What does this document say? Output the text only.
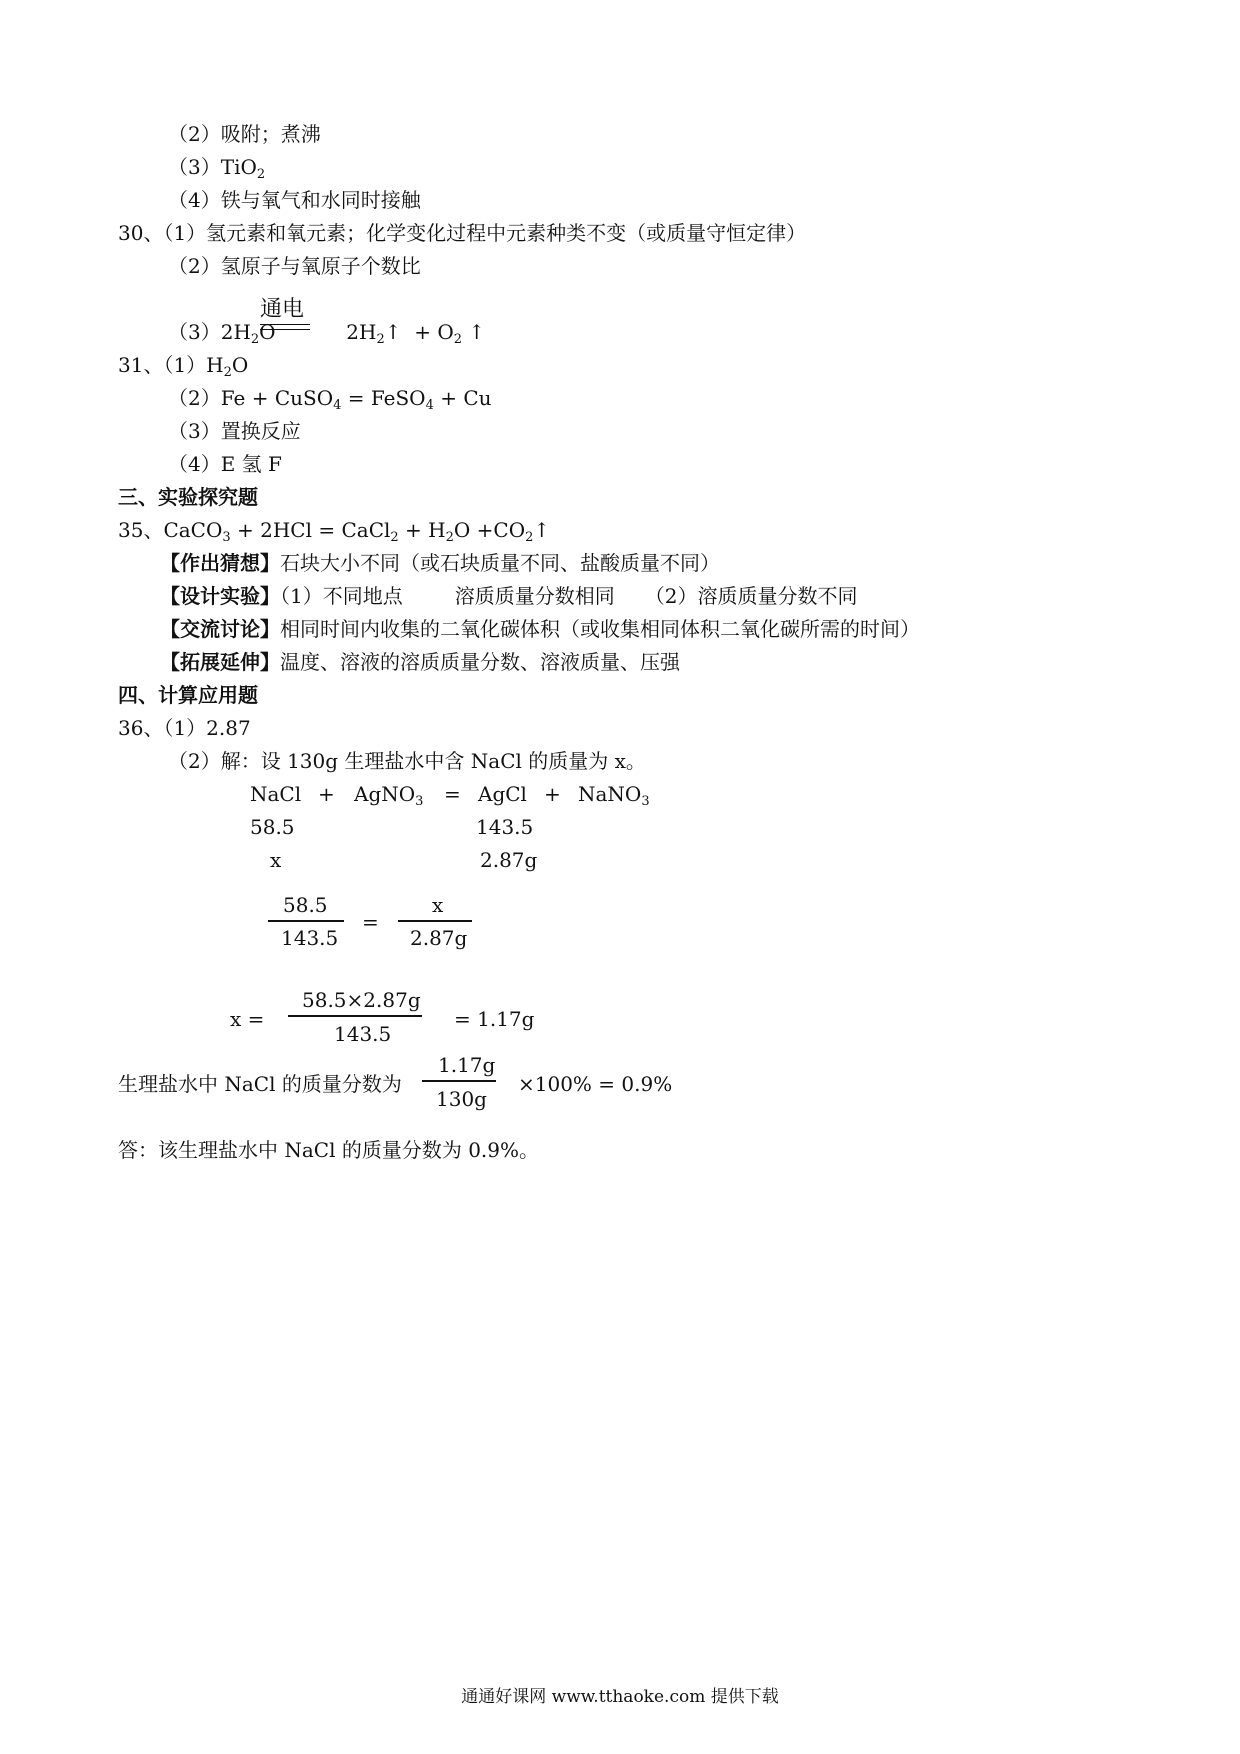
（2）吸附；煮沸
（3）TiO$_2$
（4）铁与氧气和水同时接触
30、（1）氢元素和氧元素；化学变化过程中元素种类不变（或质量守恒定律）
（2）氢原子与氧原子个数比
通电
$(3)2H_2O$	$2H_2↑ + O_2$ ↑
31、$(1)H_2O$
（2）Fe + CuSO$_4$ = FeSO$_4$ + Cu
（3）置换反应
（4）E 氢 F
三、实验探究题
35、CaCO$_3$ + 2HCl = CaCl$_2$ + $H_2O$ $+CO_2↑$
【作出猜想】石块大小不同（或石块质量不同、盐酸质量不同）
【设计实验】（1）不同地点	溶质质量分数相同 （2）溶质质量分数不同
【交流讨论】相同时间内收集的二氧化碳体积（或收集相同体积二氧化碳所需的时间）
【拓展延伸】温度、溶液的溶质质量分数、溶液质量、压强
四、计算应用题
36、（1）2.87
（2）解：设 130g 生理盐水中含 NaCl 的质量为 x。
NaCl + AgNO$_3$ = AgCl + NaNO$_3$
58.5	143.5
x	2.87g
58.5
143.5
=
x
2.87g
x =
58.5×2.87g
143.5
= 1.17g
生理盐水中 NaCl 的质量分数为
1.17g
130g
×100% = 0.9%
答：该生理盐水中 NaCl 的质量分数为 0.9%。
通通好课网 www.tthaoke.com 提供下载
